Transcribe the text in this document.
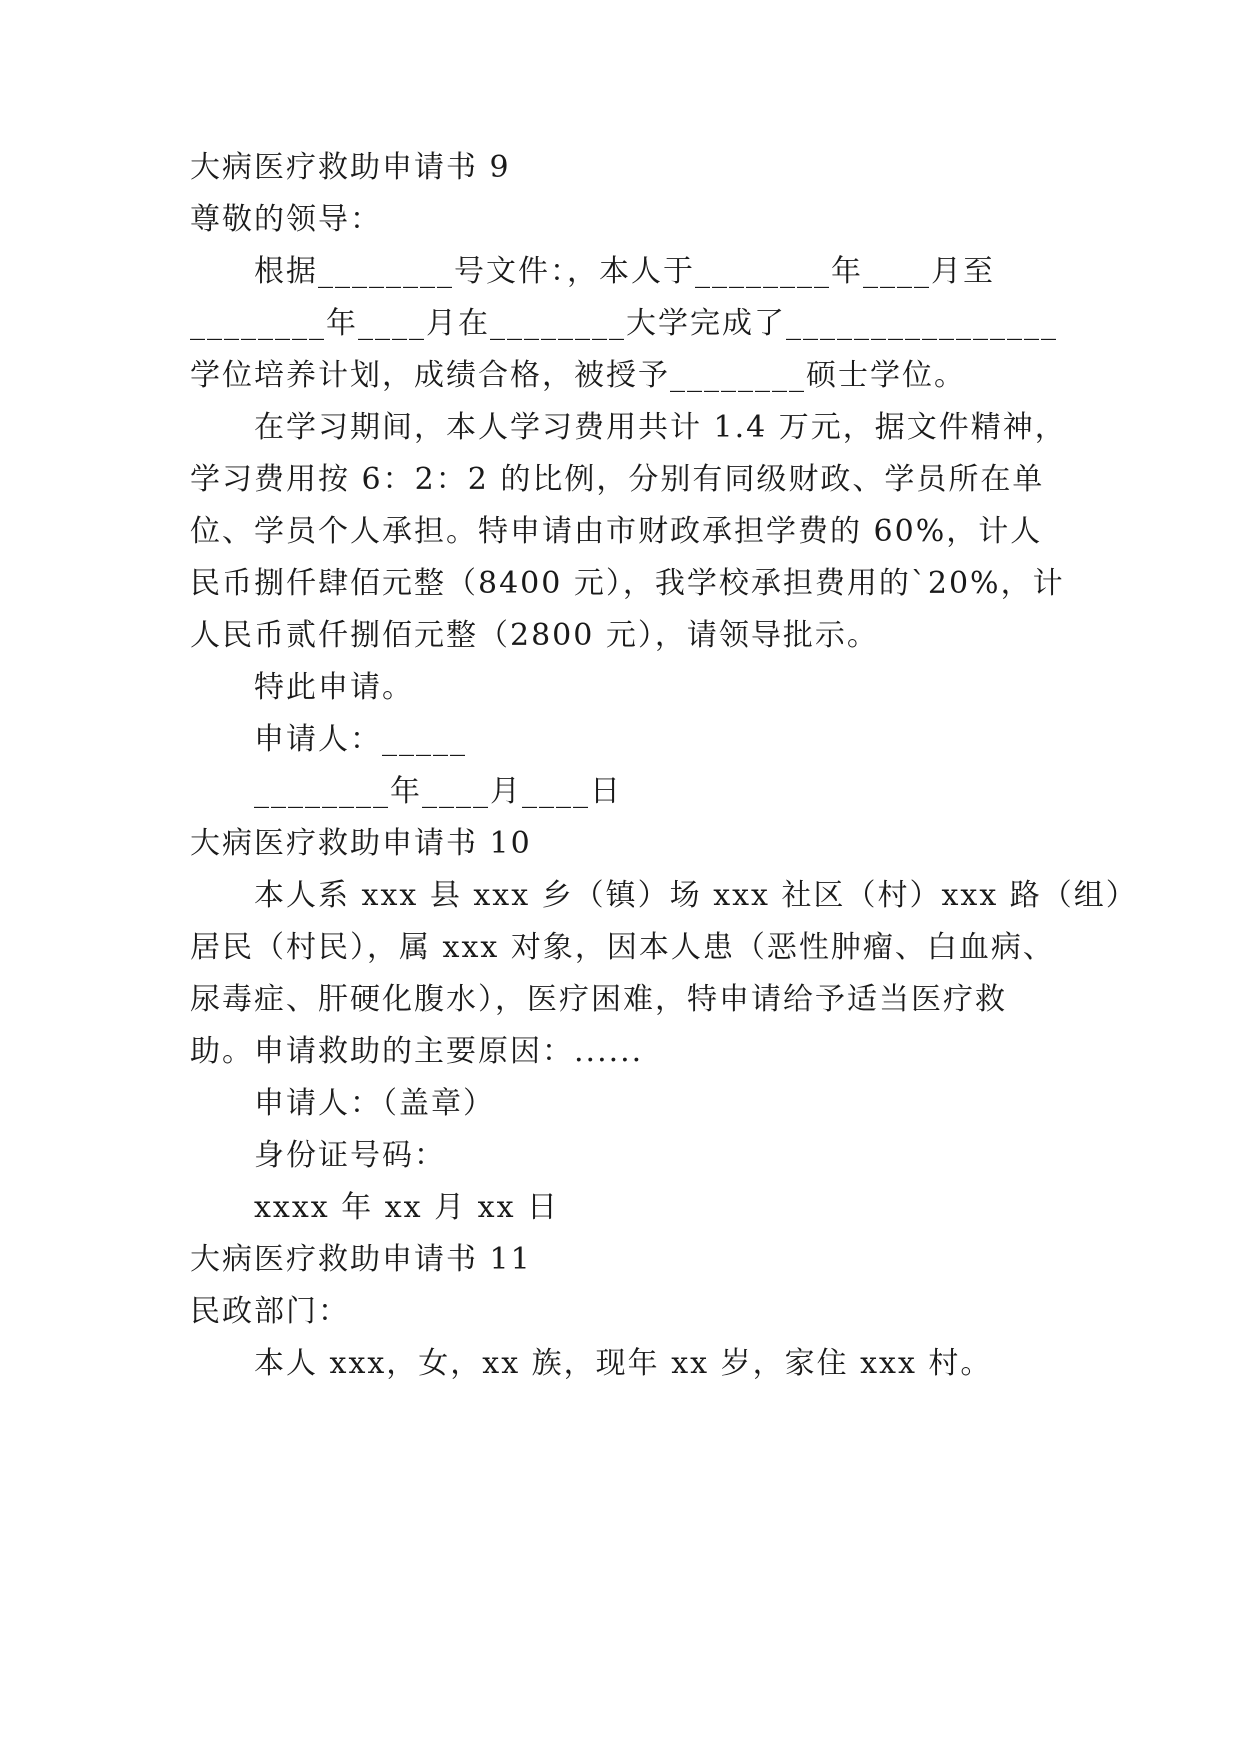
大病医疗救助申请书 9
尊敬的领导：
根据________号文件：，本人于________年____月至
________年____月在________大学完成了________________
学位培养计划，成绩合格，被授予________硕士学位。
在学习期间，本人学习费用共计 1.4 万元，据文件精神，
学习费用按 6：2：2 的比例，分别有同级财政、学员所在单
位、学员个人承担。特申请由市财政承担学费的 60%，计人
民币捌仟肆佰元整（8400 元），我学校承担费用的`20%，计
人民币贰仟捌佰元整（2800 元），请领导批示。
特此申请。
申请人：_____
________年____月____日
大病医疗救助申请书 10
本人系 xxx 县 xxx 乡（镇）场 xxx 社区（村）xxx 路（组）
居民（村民），属 xxx 对象，因本人患（恶性肿瘤、白血病、
尿毒症、肝硬化腹水），医疗困难，特申请给予适当医疗救
助。申请救助的主要原因：......
申请人：（盖章）
身份证号码：
xxxx 年 xx 月 xx 日
大病医疗救助申请书 11
民政部门：
本人 xxx，女，xx 族，现年 xx 岁，家住 xxx 村。
